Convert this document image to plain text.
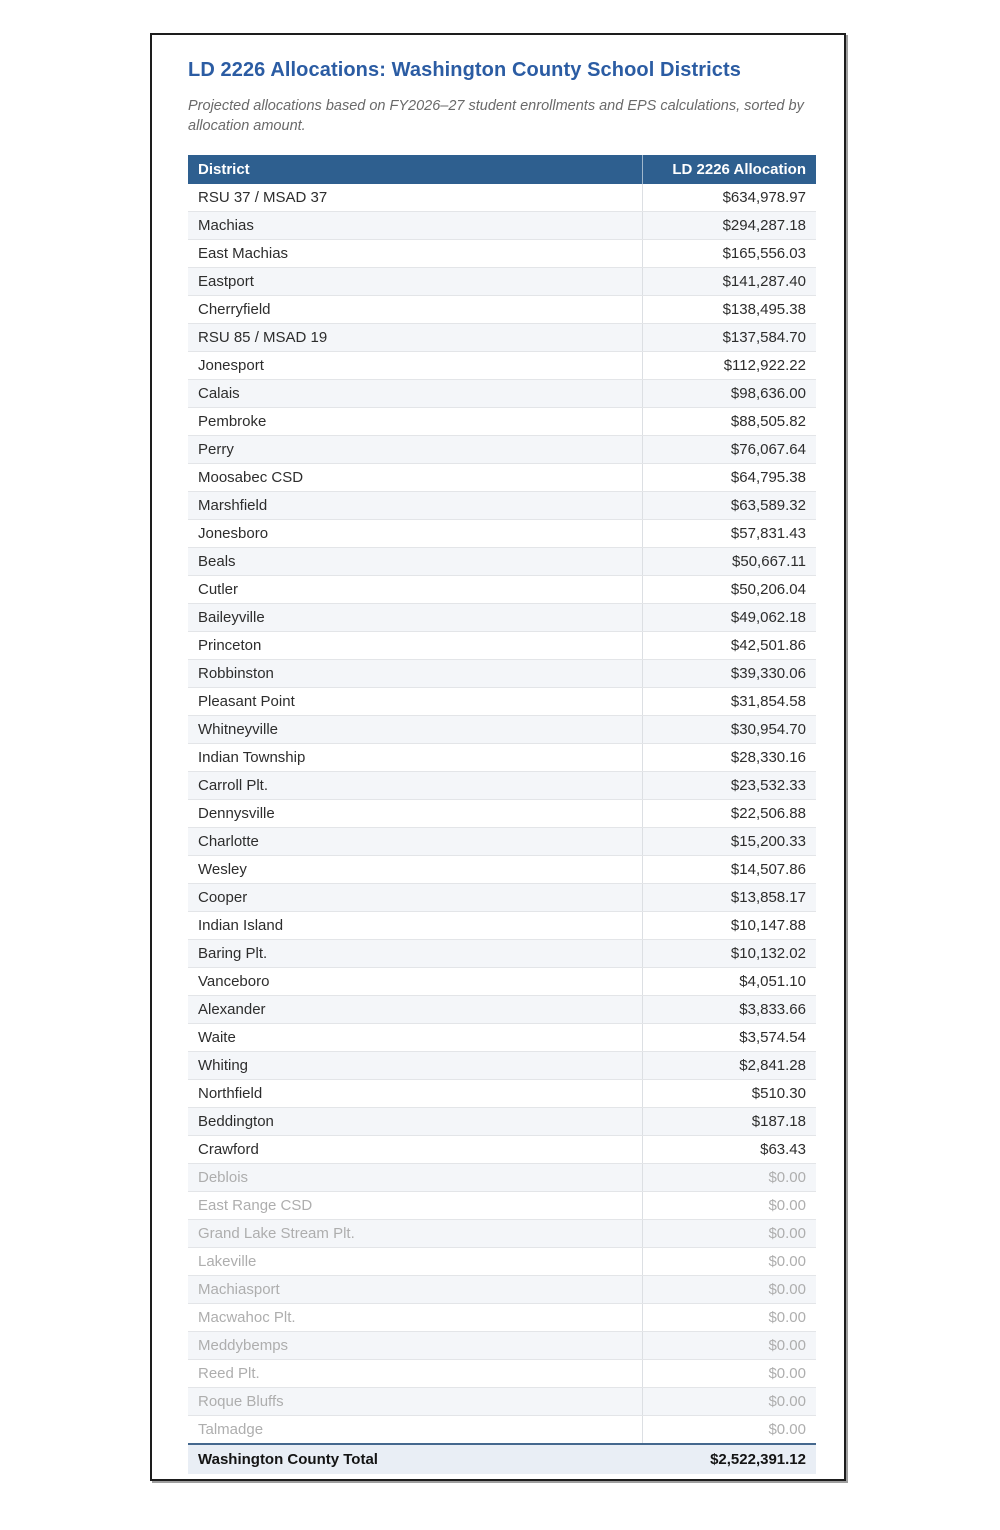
LD 2226 Allocations: Washington County School Districts

Projected allocations based on FY2026–27 student enrollments and EPS calculations, sorted by allocation amount.

District	LD 2226 Allocation
RSU 37 / MSAD 37	$634,978.97
Machias	$294,287.18
East Machias	$165,556.03
Eastport	$141,287.40
Cherryfield	$138,495.38
RSU 85 / MSAD 19	$137,584.70
Jonesport	$112,922.22
Calais	$98,636.00
Pembroke	$88,505.82
Perry	$76,067.64
Moosabec CSD	$64,795.38
Marshfield	$63,589.32
Jonesboro	$57,831.43
Beals	$50,667.11
Cutler	$50,206.04
Baileyville	$49,062.18
Princeton	$42,501.86
Robbinston	$39,330.06
Pleasant Point	$31,854.58
Whitneyville	$30,954.70
Indian Township	$28,330.16
Carroll Plt.	$23,532.33
Dennysville	$22,506.88
Charlotte	$15,200.33
Wesley	$14,507.86
Cooper	$13,858.17
Indian Island	$10,147.88
Baring Plt.	$10,132.02
Vanceboro	$4,051.10
Alexander	$3,833.66
Waite	$3,574.54
Whiting	$2,841.28
Northfield	$510.30
Beddington	$187.18
Crawford	$63.43
Deblois	$0.00
East Range CSD	$0.00
Grand Lake Stream Plt.	$0.00
Lakeville	$0.00
Machiasport	$0.00
Macwahoc Plt.	$0.00
Meddybemps	$0.00
Reed Plt.	$0.00
Roque Bluffs	$0.00
Talmadge	$0.00
Washington County Total	$2,522,391.12
